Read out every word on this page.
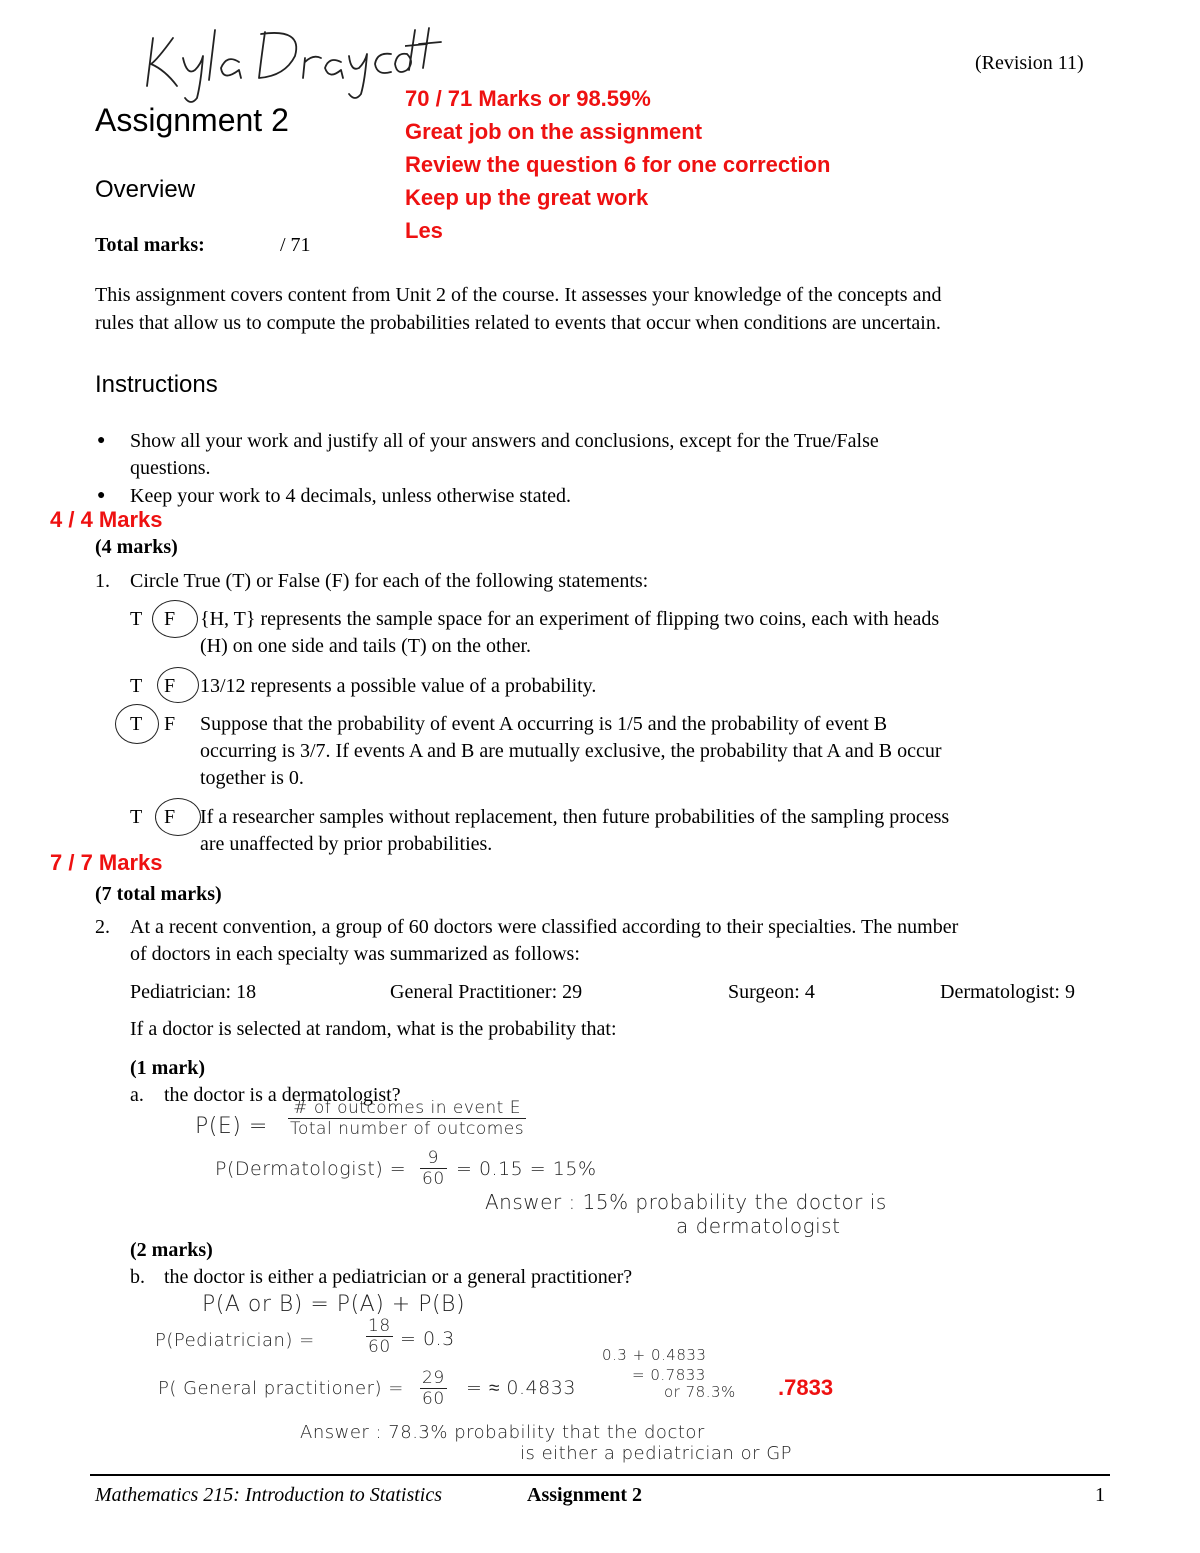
(Revision 11)
Assignment 2
Overview
Total marks:	/ 71
70 / 71 Marks or 98.59%
Great job on the assignment
Review the question 6 for one correction
Keep up the great work
Les
This assignment covers content from Unit 2 of the course. It assesses your knowledge of the concepts and
rules that allow us to compute the probabilities related to events that occur when conditions are uncertain.
Instructions
● Show all your work and justify all of your answers and conclusions, except for the True/False
questions.
● Keep your work to 4 decimals, unless otherwise stated.
4 / 4 Marks
(4 marks)
1. Circle True (T) or False (F) for each of the following statements:
T F {H, T} represents the sample space for an experiment of flipping two coins, each with heads
(H) on one side and tails (T) on the other.
T F 13/12 represents a possible value of a probability.
T F Suppose that the probability of event A occurring is 1/5 and the probability of event B
occurring is 3/7. If events A and B are mutually exclusive, the probability that A and B occur
together is 0.
T F If a researcher samples without replacement, then future probabilities of the sampling process
are unaffected by prior probabilities.
7 / 7 Marks
(7 total marks)
2. At a recent convention, a group of 60 doctors were classified according to their specialties. The number
of doctors in each specialty was summarized as follows:
Pediatrician: 18	General Practitioner: 29	Surgeon: 4	Dermatologist: 9
If a doctor is selected at random, what is the probability that:
(1 mark)
a. the doctor is a dermatologist?
P(E) =
# of outcomes in event E
Total number of outcomes
P(Dermatologist) = $\frac{9}{60} = 0.15 = 15\%$
Answer : 15% probability the doctor is
a dermatologist
(2 marks)
b. the doctor is either a pediatrician or a general practitioner?
P(A or B) = P(A) + P(B)
P(Pediatrician) =	$\frac{18}{60} = 0.3$
0.3 + 0.4833
= 0.7833
or 78.3%
P( General practitioner) = $\frac{29}{60}$ = ≈ 0.4833	.7833
Answer : 78.3% probability that the doctor
is either a pediatrician or GP
Mathematics 215: Introduction to Statistics	Assignment 2	1
